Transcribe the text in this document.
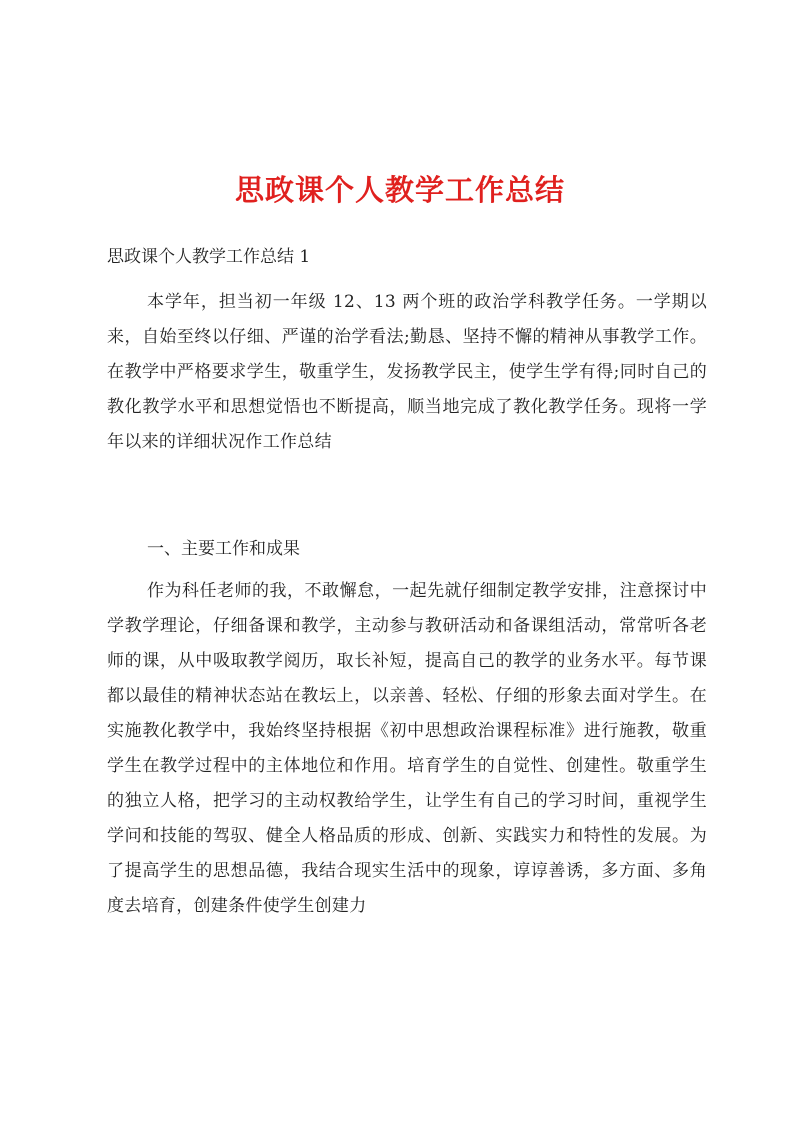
思政课个人教学工作总结
思政课个人教学工作总结 1

本学年，担当初一年级 12、13 两个班的政治学科教学任务。一学期以来，自始至终以仔细、严谨的治学看法;勤恳、坚持不懈的精神从事教学工作。在教学中严格要求学生，敬重学生，发扬教学民主，使学生学有得;同时自己的教化教学水平和思想觉悟也不断提高，顺当地完成了教化教学任务。现将一学年以来的详细状况作工作总结

一、主要工作和成果

作为科任老师的我，不敢懈怠，一起先就仔细制定教学安排，注意探讨中学教学理论，仔细备课和教学，主动参与教研活动和备课组活动，常常听各老师的课，从中吸取教学阅历，取长补短，提高自己的教学的业务水平。每节课都以最佳的精神状态站在教坛上，以亲善、轻松、仔细的形象去面对学生。在实施教化教学中，我始终坚持根据《初中思想政治课程标准》进行施教，敬重学生在教学过程中的主体地位和作用。培育学生的自觉性、创建性。敬重学生的独立人格，把学习的主动权教给学生，让学生有自己的学习时间，重视学生学问和技能的驾驭、健全人格品质的形成、创新、实践实力和特性的发展。为了提高学生的思想品德，我结合现实生活中的现象，谆谆善诱，多方面、多角度去培育，创建条件使学生创建力
